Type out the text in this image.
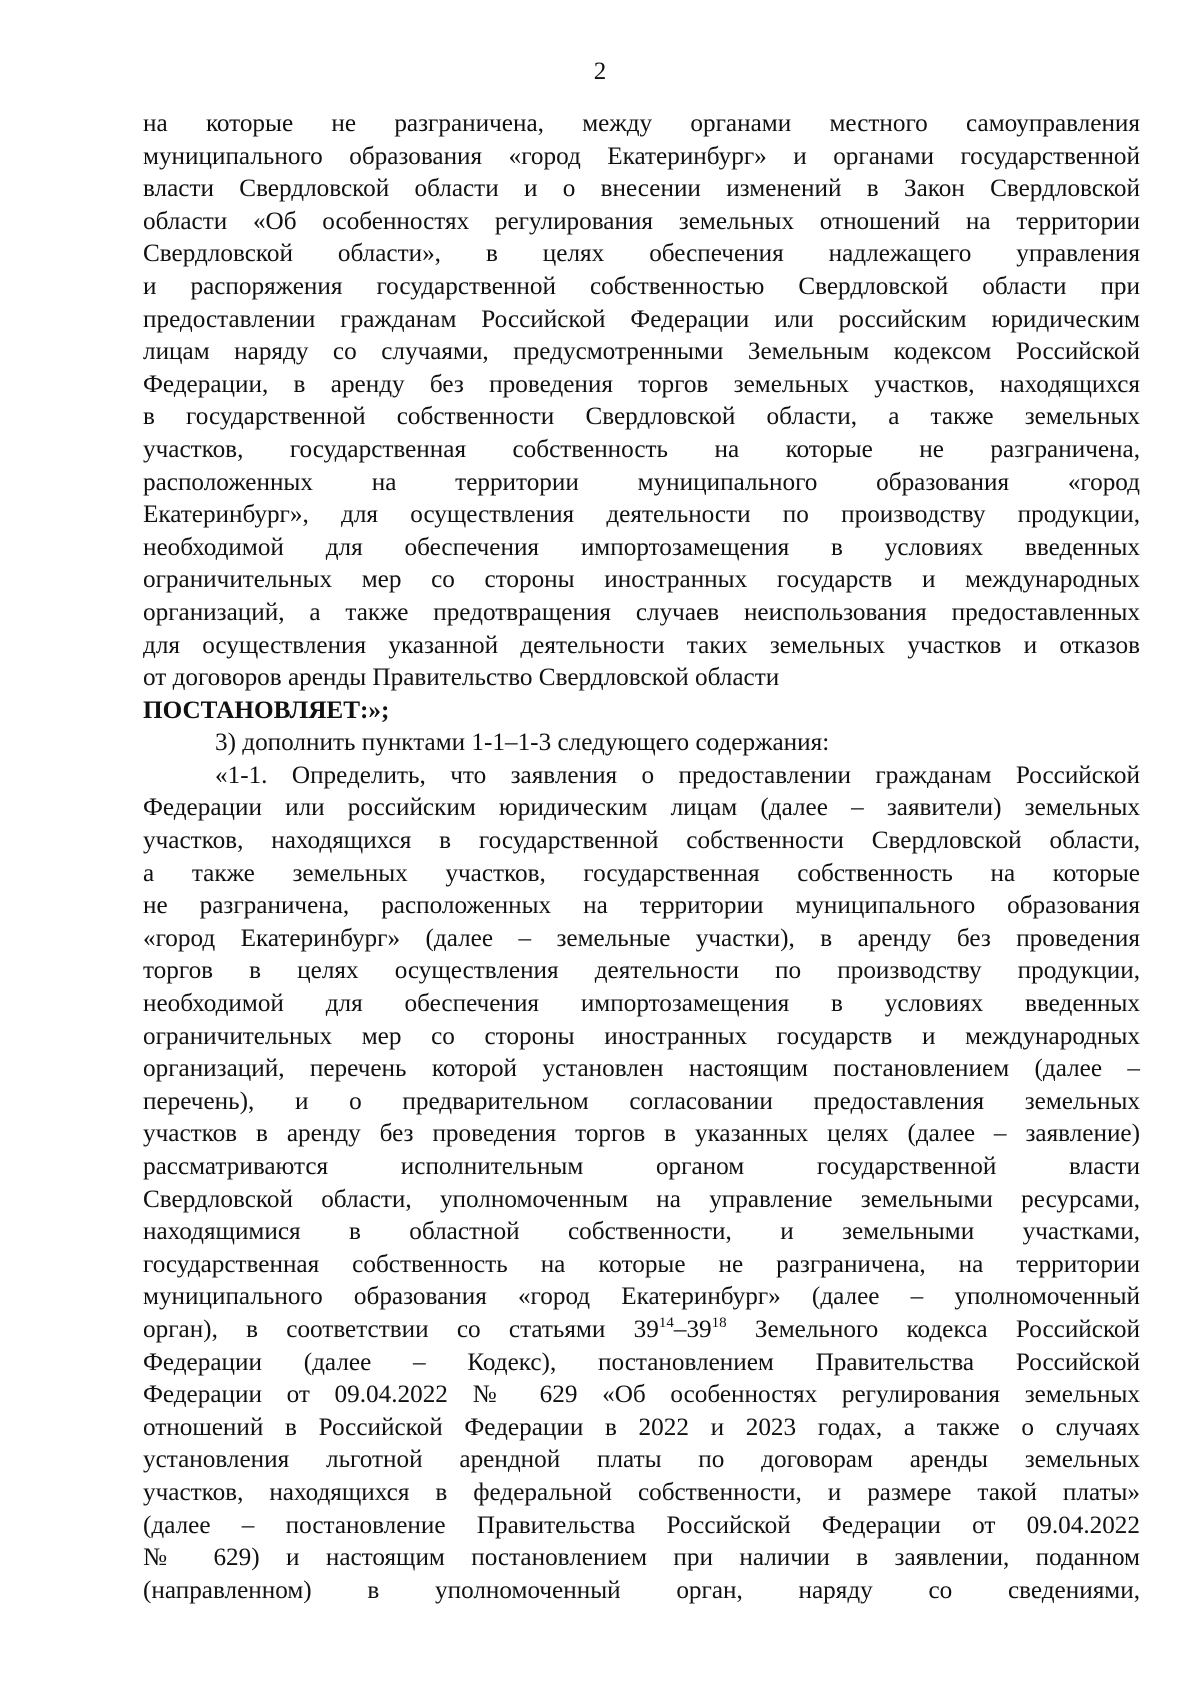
2
на которые не разграничена, между органами местного самоуправления
муниципального образования «город Екатеринбург» и органами государственной
власти Свердловской области и о внесении изменений в Закон Свердловской
области «Об особенностях регулирования земельных отношений на территории
Свердловской области», в целях обеспечения надлежащего управления
и распоряжения государственной собственностью Свердловской области при
предоставлении гражданам Российской Федерации или российским юридическим
лицам наряду со случаями, предусмотренными Земельным кодексом Российской
Федерации, в аренду без проведения торгов земельных участков, находящихся
в государственной собственности Свердловской области, а также земельных
участков, государственная собственность на которые не разграничена,
расположенных на территории муниципального образования «город
Екатеринбург», для осуществления деятельности по производству продукции,
необходимой для обеспечения импортозамещения в условиях введенных
ограничительных мер со стороны иностранных государств и международных
организаций, а также предотвращения случаев неиспользования предоставленных
для осуществления указанной деятельности таких земельных участков и отказов
от договоров аренды Правительство Свердловской области
ПОСТАНОВЛЯЕТ:»;
3) дополнить пунктами 1-1–1-3 следующего содержания:
«1-1. Определить, что заявления о предоставлении гражданам Российской
Федерации или российским юридическим лицам (далее – заявители) земельных
участков, находящихся в государственной собственности Свердловской области,
а также земельных участков, государственная собственность на которые
не разграничена, расположенных на территории муниципального образования
«город Екатеринбург» (далее – земельные участки), в аренду без проведения
торгов в целях осуществления деятельности по производству продукции,
необходимой для обеспечения импортозамещения в условиях введенных
ограничительных мер со стороны иностранных государств и международных
организаций, перечень которой установлен настоящим постановлением (далее –
перечень), и о предварительном согласовании предоставления земельных
участков в аренду без проведения торгов в указанных целях (далее – заявление)
рассматриваются исполнительным органом государственной власти
Свердловской области, уполномоченным на управление земельными ресурсами,
находящимися в областной собственности, и земельными участками,
государственная собственность на которые не разграничена, на территории
муниципального образования «город Екатеринбург» (далее – уполномоченный
орган), в соответствии со статьями $39^{14}-39^{18}$ Земельного кодекса Российской
Федерации (далее – Кодекс), постановлением Правительства Российской
Федерации от 09.04.2022 № 629 «Об особенностях регулирования земельных
отношений в Российской Федерации в 2022 и 2023 годах, а также о случаях
установления льготной арендной платы по договорам аренды земельных
участков, находящихся в федеральной собственности, и размере такой платы»
(далее – постановление Правительства Российской Федерации от 09.04.2022
№ 629) и настоящим постановлением при наличии в заявлении, поданном
(направленном) в уполномоченный орган, наряду со сведениями,
